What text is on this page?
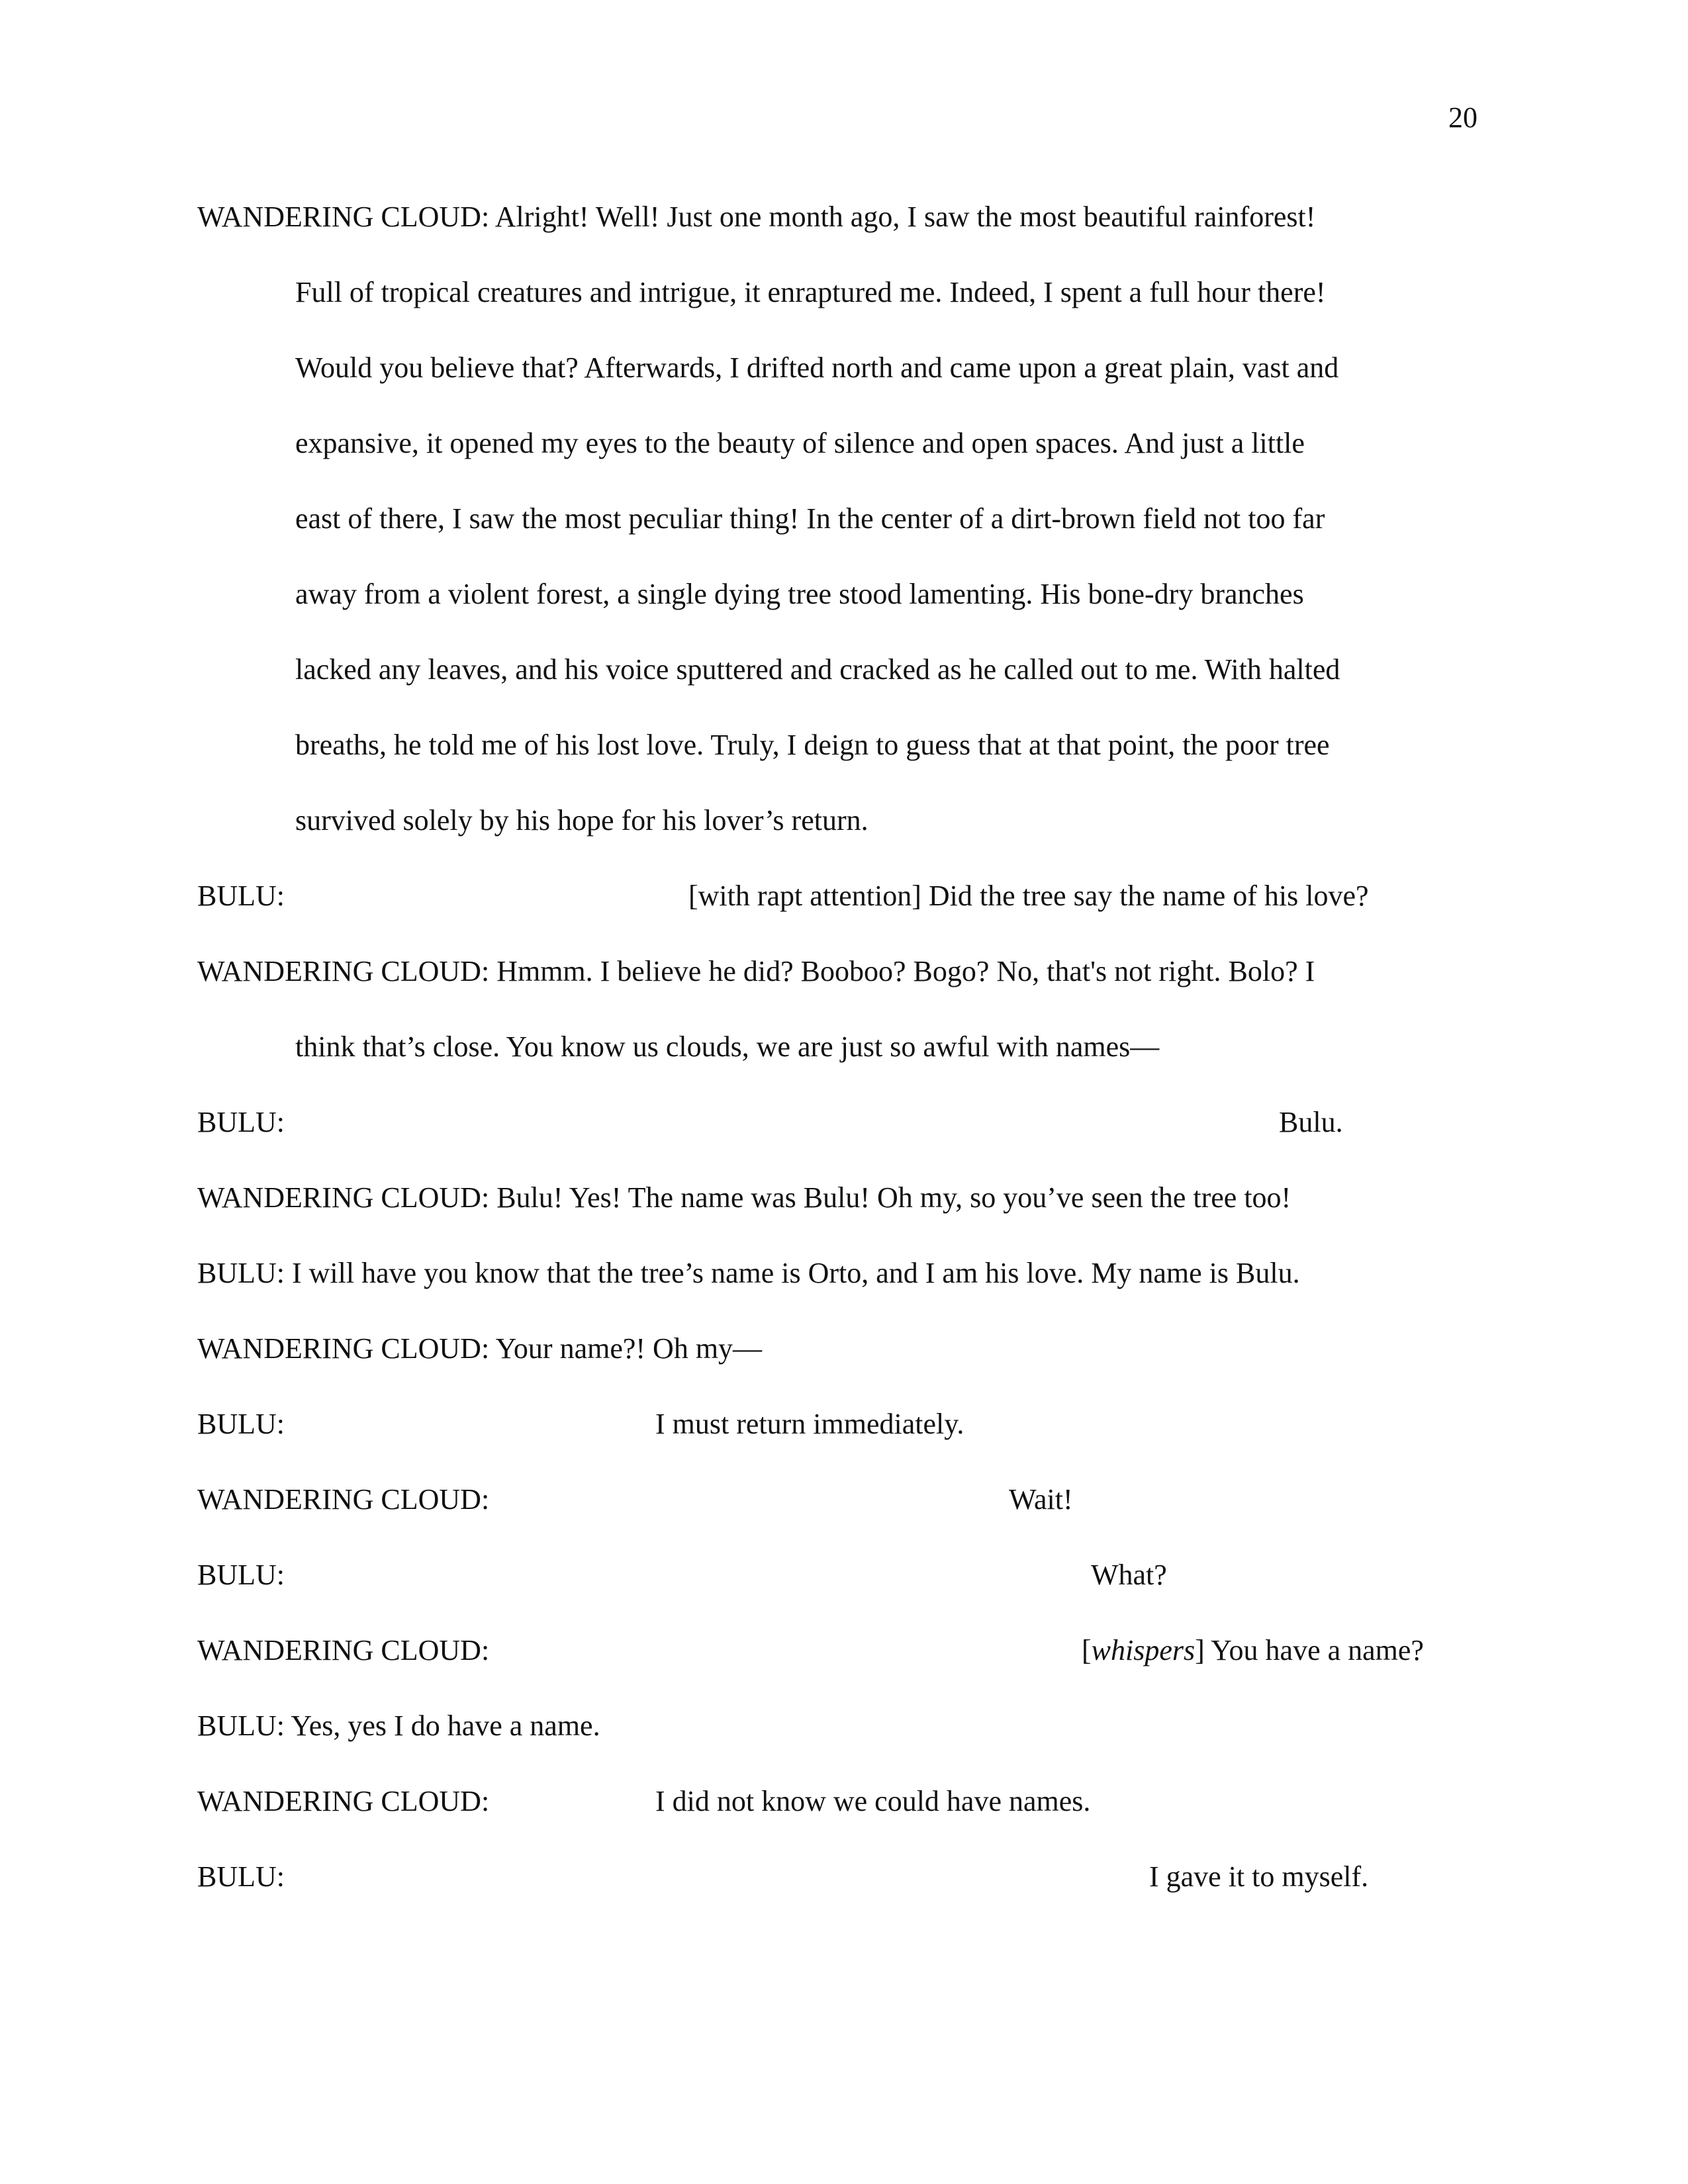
20
WANDERING CLOUD: Alright! Well! Just one month ago, I saw the most beautiful rainforest!
Full of tropical creatures and intrigue, it enraptured me. Indeed, I spent a full hour there!
Would you believe that? Afterwards, I drifted north and came upon a great plain, vast and
expansive, it opened my eyes to the beauty of silence and open spaces. And just a little
east of there, I saw the most peculiar thing! In the center of a dirt-brown field not too far
away from a violent forest, a single dying tree stood lamenting. His bone-dry branches
lacked any leaves, and his voice sputtered and cracked as he called out to me. With halted
breaths, he told me of his lost love. Truly, I deign to guess that at that point, the poor tree
survived solely by his hope for his lover’s return.
BULU:	[with rapt attention] Did the tree say the name of his love?
WANDERING CLOUD: Hmmm. I believe he did? Booboo? Bogo? No, that's not right. Bolo? I
think that’s close. You know us clouds, we are just so awful with names—
BULU:	Bulu.
WANDERING CLOUD: Bulu! Yes! The name was Bulu! Oh my, so you’ve seen the tree too!
BULU: I will have you know that the tree’s name is Orto, and I am his love. My name is Bulu.
WANDERING CLOUD: Your name?! Oh my—
BULU:	I must return immediately.
WANDERING CLOUD:	Wait!
BULU:	What?
WANDERING CLOUD:	[whispers] You have a name?
BULU: Yes, yes I do have a name.
WANDERING CLOUD:	I did not know we could have names.
BULU:	I gave it to myself.
